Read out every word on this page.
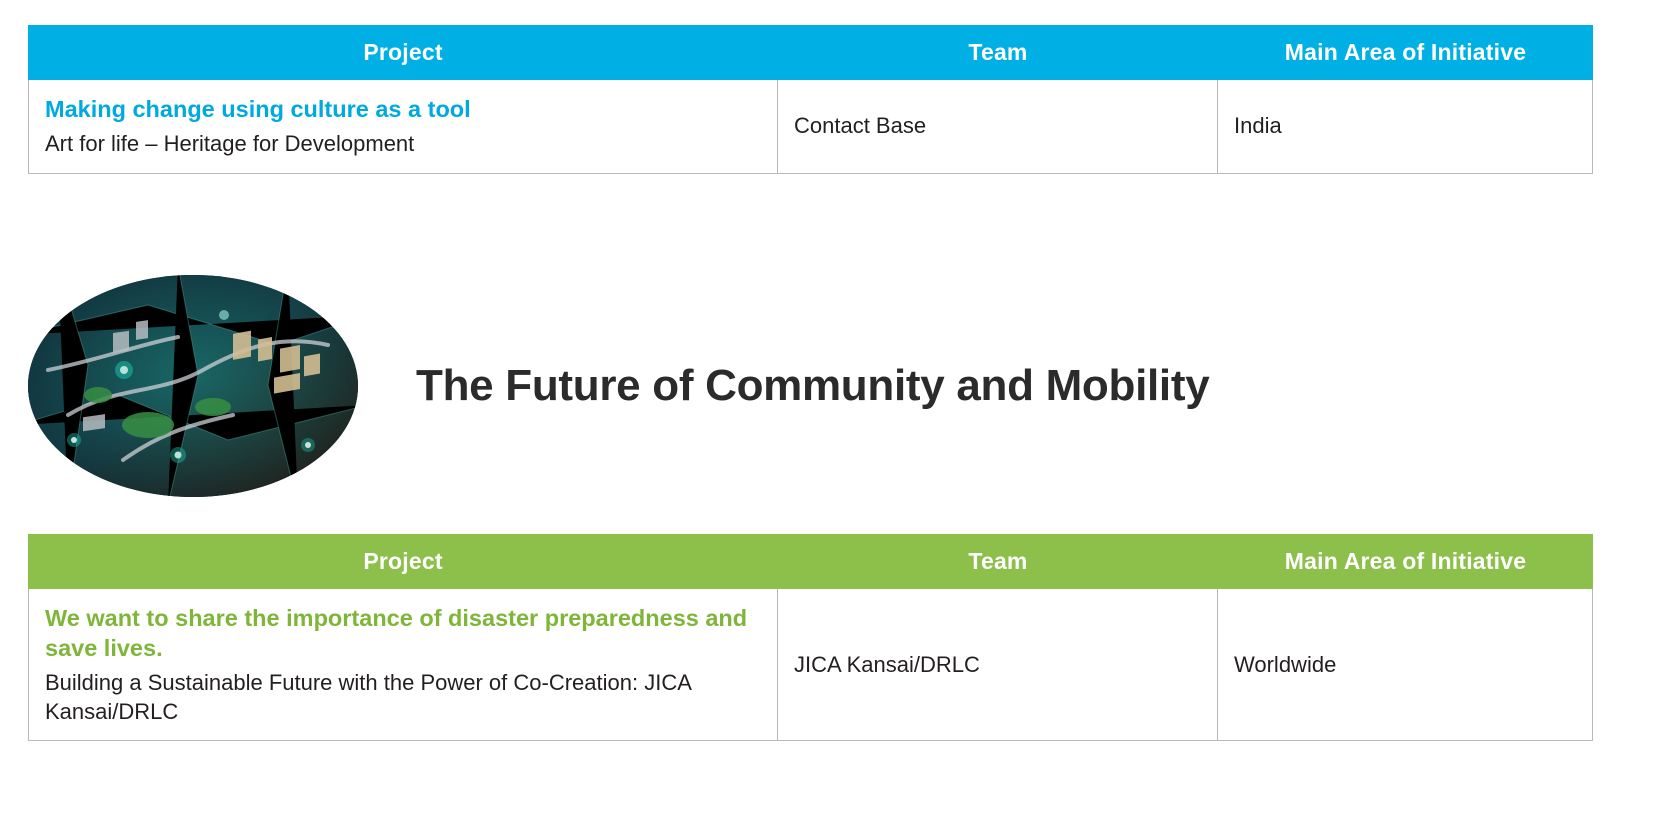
Project	Team	Main Area of Initiative

Making change using culture as a tool

Art for life – Heritage for Development	Contact Base	India
The Future of Community and Mobility
Project	Team	Main Area of Initiative

We want to share the importance of disaster preparedness and save lives.

Building a Sustainable Future with the Power of Co-Creation: JICA Kansai/DRLC	JICA Kansai/DRLC	Worldwide
